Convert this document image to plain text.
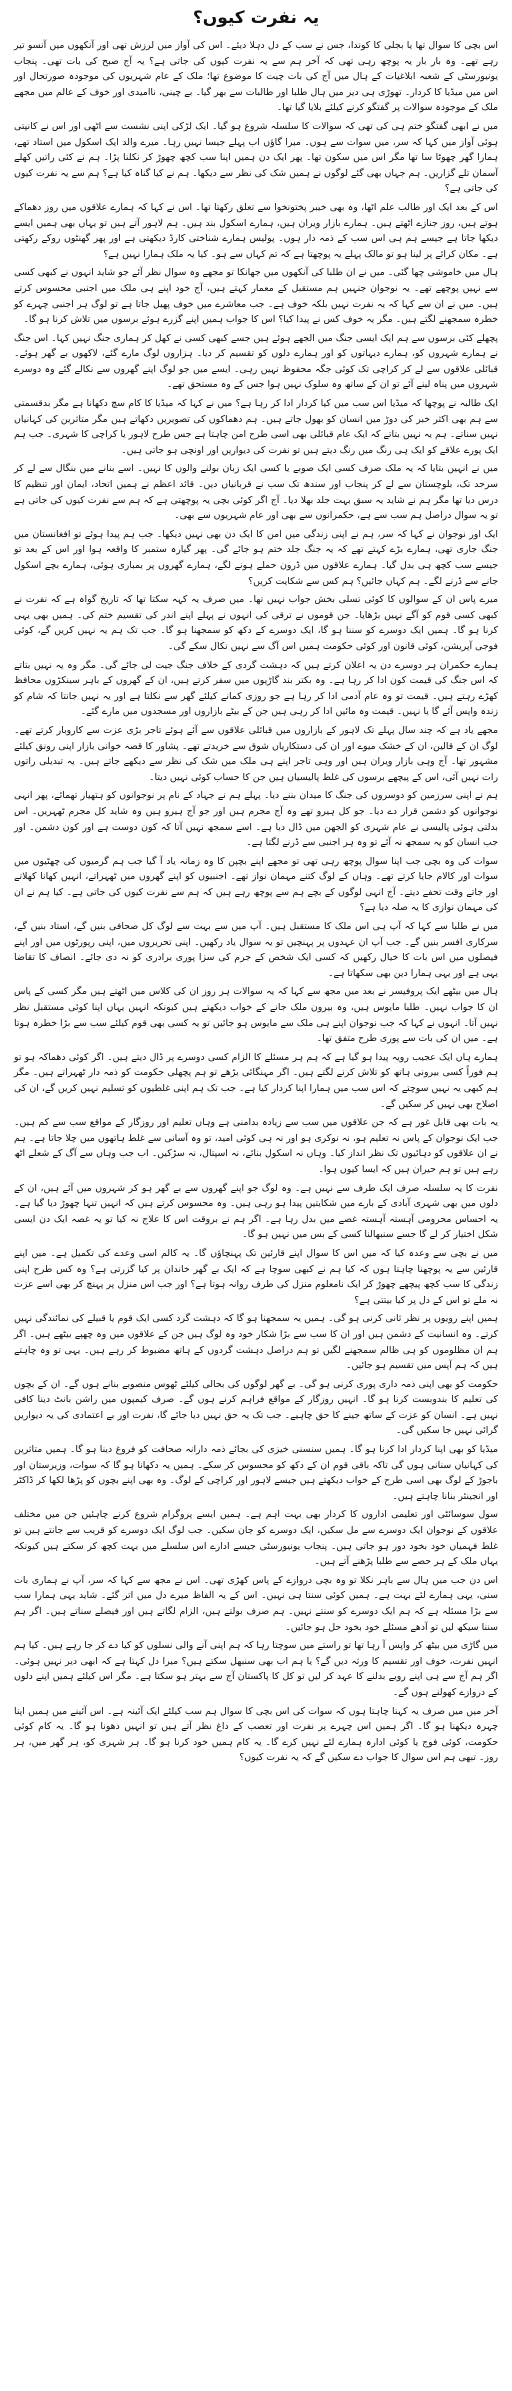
یہ نفرت کیوں؟

اس بچی کا سوال تھا یا بجلی کا کوندا، جس نے سب کے دل دہلا دیئے۔ اس کی آواز میں لرزش تھی اور آنکھوں میں آنسو تیر رہے تھے۔ وہ بار بار یہ پوچھ رہی تھی کہ آخر ہم سے یہ نفرت کیوں کی جاتی ہے؟ یہ آج صبح کی بات تھی۔ پنجاب یونیورسٹی کے شعبہ ابلاغیات کے ہال میں آج کی بات چیت کا موضوع تھا؛ ملک کے عام شہریوں کی موجودہ صورتحال اور اس میں میڈیا کا کردار۔ تھوڑی ہی دیر میں ہال طلبا اور طالبات سے بھر گیا۔ بے چینی، ناامیدی اور خوف کے عالم میں مجھے ملک کے موجودہ سوالات پر گفتگو کرنے کیلئے بلایا گیا تھا۔

میں نے ابھی گفتگو ختم ہی کی تھی کہ سوالات کا سلسلہ شروع ہو گیا۔ ایک لڑکی اپنی نشست سے اٹھی اور اس نے کانپتی ہوئی آواز میں کہا کہ سر، میں سوات سے ہوں۔ میرا گاؤں اب پہلے جیسا نہیں رہا۔ میرے والد ایک اسکول میں استاد تھے، ہمارا گھر چھوٹا سا تھا مگر اس میں سکون تھا۔ پھر ایک دن ہمیں اپنا سب کچھ چھوڑ کر نکلنا پڑا۔ ہم نے کئی راتیں کھلے آسمان تلے گزاریں۔ ہم جہاں بھی گئے لوگوں نے ہمیں شک کی نظر سے دیکھا۔ ہم نے کیا گناہ کیا ہے؟ ہم سے یہ نفرت کیوں کی جاتی ہے؟

اس کے بعد ایک اور طالب علم اٹھا، وہ بھی خیبر پختونخوا سے تعلق رکھتا تھا۔ اس نے کہا کہ ہمارے علاقوں میں روز دھماکے ہوتے ہیں، روز جنازے اٹھتے ہیں۔ ہمارے بازار ویران ہیں، ہمارے اسکول بند ہیں۔ ہم لاہور آتے ہیں تو یہاں بھی ہمیں ایسے دیکھا جاتا ہے جیسے ہم ہی اس سب کے ذمہ دار ہوں۔ پولیس ہمارے شناختی کارڈ دیکھتی ہے اور پھر گھنٹوں روکے رکھتی ہے۔ مکان کرائے پر لینا ہو تو مالک پہلے یہ پوچھتا ہے کہ تم کہاں سے ہو۔ کیا یہ ملک ہمارا نہیں ہے؟

ہال میں خاموشی چھا گئی۔ میں نے ان طلبا کی آنکھوں میں جھانکا تو مجھے وہ سوال نظر آئے جو شاید انہوں نے کبھی کسی سے نہیں پوچھے تھے۔ یہ نوجوان جنہیں ہم مستقبل کے معمار کہتے ہیں، آج خود اپنے ہی ملک میں اجنبی محسوس کرتے ہیں۔ میں نے ان سے کہا کہ یہ نفرت نہیں بلکہ خوف ہے۔ جب معاشرے میں خوف پھیل جاتا ہے تو لوگ ہر اجنبی چہرے کو خطرہ سمجھنے لگتے ہیں۔ مگر یہ خوف کس نے پیدا کیا؟ اس کا جواب ہمیں اپنے گزرے ہوئے برسوں میں تلاش کرنا ہو گا۔

پچھلے کئی برسوں سے ہم ایک ایسی جنگ میں الجھے ہوئے ہیں جسے کبھی کسی نے کھل کر ہماری جنگ نہیں کہا۔ اس جنگ نے ہمارے شہروں کو، ہمارے دیہاتوں کو اور ہمارے دلوں کو تقسیم کر دیا۔ ہزاروں لوگ مارے گئے، لاکھوں بے گھر ہوئے۔ قبائلی علاقوں سے لے کر کراچی تک کوئی جگہ محفوظ نہیں رہی۔ ایسے میں جو لوگ اپنے گھروں سے نکالے گئے وہ دوسرے شہروں میں پناہ لینے آئے تو ان کے ساتھ وہ سلوک نہیں ہوا جس کے وہ مستحق تھے۔

ایک طالبہ نے پوچھا کہ میڈیا اس سب میں کیا کردار ادا کر رہا ہے؟ میں نے کہا کہ میڈیا کا کام سچ دکھانا ہے مگر بدقسمتی سے ہم بھی اکثر خبر کی دوڑ میں انسان کو بھول جاتے ہیں۔ ہم دھماکوں کی تصویریں دکھاتے ہیں مگر متاثرین کی کہانیاں نہیں سناتے۔ ہم یہ نہیں بتاتے کہ ایک عام قبائلی بھی اسی طرح امن چاہتا ہے جس طرح لاہور یا کراچی کا شہری۔ جب ہم ایک پورے علاقے کو ایک ہی رنگ میں رنگ دیتے ہیں تو نفرت کی دیواریں اور اونچی ہو جاتی ہیں۔

میں نے انہیں بتایا کہ یہ ملک صرف کسی ایک صوبے یا کسی ایک زبان بولنے والوں کا نہیں۔ اسے بنانے میں بنگال سے لے کر سرحد تک، بلوچستان سے لے کر پنجاب اور سندھ تک سب نے قربانیاں دیں۔ قائد اعظم نے ہمیں اتحاد، ایمان اور تنظیم کا درس دیا تھا مگر ہم نے شاید یہ سبق بہت جلد بھلا دیا۔ آج اگر کوئی بچی یہ پوچھتی ہے کہ ہم سے نفرت کیوں کی جاتی ہے تو یہ سوال دراصل ہم سب سے ہے، حکمرانوں سے بھی اور عام شہریوں سے بھی۔

ایک اور نوجوان نے کہا کہ سر، ہم نے اپنی زندگی میں امن کا ایک دن بھی نہیں دیکھا۔ جب ہم پیدا ہوئے تو افغانستان میں جنگ جاری تھی، ہمارے بڑے کہتے تھے کہ یہ جنگ جلد ختم ہو جائے گی۔ پھر گیارہ ستمبر کا واقعہ ہوا اور اس کے بعد تو جیسے سب کچھ ہی بدل گیا۔ ہمارے علاقوں میں ڈرون حملے ہونے لگے، ہمارے گھروں پر بمباری ہوئی، ہمارے بچے اسکول جانے سے ڈرنے لگے۔ ہم کہاں جائیں؟ ہم کس سے شکایت کریں؟

میرے پاس ان کے سوالوں کا کوئی تسلی بخش جواب نہیں تھا۔ میں صرف یہ کہہ سکتا تھا کہ تاریخ گواہ ہے کہ نفرت نے کبھی کسی قوم کو آگے نہیں بڑھایا۔ جن قوموں نے ترقی کی انہوں نے پہلے اپنے اندر کی تقسیم ختم کی۔ ہمیں بھی یہی کرنا ہو گا۔ ہمیں ایک دوسرے کو سننا ہو گا، ایک دوسرے کے دکھ کو سمجھنا ہو گا۔ جب تک ہم یہ نہیں کریں گے، کوئی فوجی آپریشن، کوئی قانون اور کوئی حکومت ہمیں اس آگ سے نہیں نکال سکے گی۔

ہمارے حکمران ہر دوسرے دن یہ اعلان کرتے ہیں کہ دہشت گردی کے خلاف جنگ جیت لی جائے گی۔ مگر وہ یہ نہیں بتاتے کہ اس جنگ کی قیمت کون ادا کر رہا ہے۔ وہ بکتر بند گاڑیوں میں سفر کرتے ہیں، ان کے گھروں کے باہر سینکڑوں محافظ کھڑے رہتے ہیں۔ قیمت تو وہ عام آدمی ادا کر رہا ہے جو روزی کمانے کیلئے گھر سے نکلتا ہے اور یہ نہیں جانتا کہ شام کو زندہ واپس آئے گا یا نہیں۔ قیمت وہ مائیں ادا کر رہی ہیں جن کے بیٹے بازاروں اور مسجدوں میں مارے گئے۔

مجھے یاد ہے کہ چند سال پہلے تک لاہور کے بازاروں میں قبائلی علاقوں سے آئے ہوئے تاجر بڑی عزت سے کاروبار کرتے تھے۔ لوگ ان کے قالین، ان کے خشک میوے اور ان کی دستکاریاں شوق سے خریدتے تھے۔ پشاور کا قصہ خوانی بازار اپنی رونق کیلئے مشہور تھا۔ آج وہی بازار ویران ہیں اور وہی تاجر اپنے ہی ملک میں شک کی نظر سے دیکھے جاتے ہیں۔ یہ تبدیلی راتوں رات نہیں آئی، اس کے پیچھے برسوں کی غلط پالیسیاں ہیں جن کا حساب کوئی نہیں دیتا۔

ہم نے اپنی سرزمین کو دوسروں کی جنگ کا میدان بننے دیا۔ پہلے ہم نے جہاد کے نام پر نوجوانوں کو ہتھیار تھمائے، پھر انہی نوجوانوں کو دشمن قرار دے دیا۔ جو کل ہیرو تھے وہ آج مجرم ہیں اور جو آج ہیرو ہیں وہ شاید کل مجرم ٹھہریں۔ اس بدلتی ہوئی پالیسی نے عام شہری کو الجھن میں ڈال دیا ہے۔ اسے سمجھ نہیں آتا کہ کون دوست ہے اور کون دشمن۔ اور جب انسان کو یہ سمجھ نہ آئے تو وہ ہر اجنبی سے ڈرنے لگتا ہے۔

سوات کی وہ بچی جب اپنا سوال پوچھ رہی تھی تو مجھے اپنے بچپن کا وہ زمانہ یاد آ گیا جب ہم گرمیوں کی چھٹیوں میں سوات اور کالام جایا کرتے تھے۔ وہاں کے لوگ کتنے مہمان نواز تھے۔ اجنبیوں کو اپنے گھروں میں ٹھہراتے، انہیں کھانا کھلاتے اور جاتے وقت تحفے دیتے۔ آج انہی لوگوں کے بچے ہم سے پوچھ رہے ہیں کہ ہم سے نفرت کیوں کی جاتی ہے۔ کیا ہم نے ان کی مہمان نوازی کا یہ صلہ دیا ہے؟

میں نے طلبا سے کہا کہ آپ ہی اس ملک کا مستقبل ہیں۔ آپ میں سے بہت سے لوگ کل صحافی بنیں گے، استاد بنیں گے، سرکاری افسر بنیں گے۔ جب آپ ان عہدوں پر پہنچیں تو یہ سوال یاد رکھیں۔ اپنی تحریروں میں، اپنی رپورٹوں میں اور اپنے فیصلوں میں اس بات کا خیال رکھیں کہ کسی ایک شخص کے جرم کی سزا پوری برادری کو نہ دی جائے۔ انصاف کا تقاضا یہی ہے اور یہی ہمارا دین بھی سکھاتا ہے۔

ہال میں بیٹھے ایک پروفیسر نے بعد میں مجھ سے کہا کہ یہ سوالات ہر روز ان کی کلاس میں اٹھتے ہیں مگر کسی کے پاس ان کا جواب نہیں۔ طلبا مایوس ہیں، وہ بیرون ملک جانے کے خواب دیکھتے ہیں کیونکہ انہیں یہاں اپنا کوئی مستقبل نظر نہیں آتا۔ انہوں نے کہا کہ جب نوجوان اپنے ہی ملک سے مایوس ہو جائیں تو یہ کسی بھی قوم کیلئے سب سے بڑا خطرہ ہوتا ہے۔ میں ان کی بات سے پوری طرح متفق تھا۔

ہمارے ہاں ایک عجیب رویہ پیدا ہو گیا ہے کہ ہم ہر مسئلے کا الزام کسی دوسرے پر ڈال دیتے ہیں۔ اگر کوئی دھماکہ ہو تو ہم فوراً کسی بیرونی ہاتھ کو تلاش کرنے لگتے ہیں۔ اگر مہنگائی بڑھے تو ہم پچھلی حکومت کو ذمہ دار ٹھہراتے ہیں۔ مگر ہم کبھی یہ نہیں سوچتے کہ اس سب میں ہمارا اپنا کردار کیا ہے۔ جب تک ہم اپنی غلطیوں کو تسلیم نہیں کریں گے، ان کی اصلاح بھی نہیں کر سکیں گے۔

یہ بات بھی قابل غور ہے کہ جن علاقوں میں سب سے زیادہ بدامنی ہے وہاں تعلیم اور روزگار کے مواقع سب سے کم ہیں۔ جب ایک نوجوان کے پاس نہ تعلیم ہو، نہ نوکری ہو اور نہ ہی کوئی امید، تو وہ آسانی سے غلط ہاتھوں میں چلا جاتا ہے۔ ہم نے ان علاقوں کو دہائیوں تک نظر انداز کیا۔ وہاں نہ اسکول بنائے، نہ اسپتال، نہ سڑکیں۔ اب جب وہاں سے آگ کے شعلے اٹھ رہے ہیں تو ہم حیران ہیں کہ ایسا کیوں ہوا۔

نفرت کا یہ سلسلہ صرف ایک طرف سے نہیں ہے۔ وہ لوگ جو اپنے گھروں سے بے گھر ہو کر شہروں میں آئے ہیں، ان کے دلوں میں بھی شہری آبادی کے بارے میں شکایتیں پیدا ہو رہی ہیں۔ وہ محسوس کرتے ہیں کہ انہیں تنہا چھوڑ دیا گیا ہے۔ یہ احساس محرومی آہستہ آہستہ غصے میں بدل رہا ہے۔ اگر ہم نے بروقت اس کا علاج نہ کیا تو یہ غصہ ایک دن ایسی شکل اختیار کر لے گا جسے سنبھالنا کسی کے بس میں نہیں ہو گا۔

میں نے بچی سے وعدہ کیا کہ میں اس کا سوال اپنے قارئین تک پہنچاؤں گا۔ یہ کالم اسی وعدے کی تکمیل ہے۔ میں اپنے قارئین سے یہ پوچھنا چاہتا ہوں کہ کیا ہم نے کبھی سوچا ہے کہ ایک بے گھر خاندان پر کیا گزرتی ہے؟ وہ کس طرح اپنی زندگی کا سب کچھ پیچھے چھوڑ کر ایک نامعلوم منزل کی طرف روانہ ہوتا ہے؟ اور جب اس منزل پر پہنچ کر بھی اسے عزت نہ ملے تو اس کے دل پر کیا بیتتی ہے؟

ہمیں اپنے رویوں پر نظر ثانی کرنی ہو گی۔ ہمیں یہ سمجھنا ہو گا کہ دہشت گرد کسی ایک قوم یا قبیلے کی نمائندگی نہیں کرتے۔ وہ انسانیت کے دشمن ہیں اور ان کا سب سے بڑا شکار خود وہ لوگ ہیں جن کے علاقوں میں وہ چھپے بیٹھے ہیں۔ اگر ہم ان مظلوموں کو ہی ظالم سمجھنے لگیں تو ہم دراصل دہشت گردوں کے ہاتھ مضبوط کر رہے ہیں۔ یہی تو وہ چاہتے ہیں کہ ہم آپس میں تقسیم ہو جائیں۔

حکومت کو بھی اپنی ذمہ داری پوری کرنی ہو گی۔ بے گھر لوگوں کی بحالی کیلئے ٹھوس منصوبے بنانے ہوں گے۔ ان کے بچوں کی تعلیم کا بندوبست کرنا ہو گا۔ انہیں روزگار کے مواقع فراہم کرنے ہوں گے۔ صرف کیمپوں میں راشن بانٹ دینا کافی نہیں ہے۔ انسان کو عزت کے ساتھ جینے کا حق چاہیے۔ جب تک یہ حق نہیں دیا جائے گا، نفرت اور بے اعتمادی کی یہ دیواریں گرائی نہیں جا سکیں گی۔

میڈیا کو بھی اپنا کردار ادا کرنا ہو گا۔ ہمیں سنسنی خیزی کی بجائے ذمہ دارانہ صحافت کو فروغ دینا ہو گا۔ ہمیں متاثرین کی کہانیاں سنانی ہوں گی تاکہ باقی قوم ان کے دکھ کو محسوس کر سکے۔ ہمیں یہ دکھانا ہو گا کہ سوات، وزیرستان اور باجوڑ کے لوگ بھی اسی طرح کے خواب دیکھتے ہیں جیسے لاہور اور کراچی کے لوگ۔ وہ بھی اپنے بچوں کو پڑھا لکھا کر ڈاکٹر اور انجینئر بنانا چاہتے ہیں۔

سول سوسائٹی اور تعلیمی اداروں کا کردار بھی بہت اہم ہے۔ ہمیں ایسے پروگرام شروع کرنے چاہئیں جن میں مختلف علاقوں کے نوجوان ایک دوسرے سے مل سکیں، ایک دوسرے کو جان سکیں۔ جب لوگ ایک دوسرے کو قریب سے جانتے ہیں تو غلط فہمیاں خود بخود دور ہو جاتی ہیں۔ پنجاب یونیورسٹی جیسے ادارے اس سلسلے میں بہت کچھ کر سکتے ہیں کیونکہ یہاں ملک کے ہر حصے سے طلبا پڑھنے آتے ہیں۔

اس دن جب میں ہال سے باہر نکلا تو وہ بچی دروازے کے پاس کھڑی تھی۔ اس نے مجھ سے کہا کہ سر، آپ نے ہماری بات سنی، یہی ہمارے لئے بہت ہے۔ ہمیں کوئی سنتا ہی نہیں۔ اس کے یہ الفاظ میرے دل میں اتر گئے۔ شاید یہی ہمارا سب سے بڑا مسئلہ ہے کہ ہم ایک دوسرے کو سنتے نہیں۔ ہم صرف بولتے ہیں، الزام لگاتے ہیں اور فیصلے سناتے ہیں۔ اگر ہم سننا سیکھ لیں تو آدھے مسئلے خود بخود حل ہو جائیں۔

میں گاڑی میں بیٹھ کر واپس آ رہا تھا تو راستے میں سوچتا رہا کہ ہم اپنی آنے والی نسلوں کو کیا دے کر جا رہے ہیں۔ کیا ہم انہیں نفرت، خوف اور تقسیم کا ورثہ دیں گے؟ یا ہم اب بھی سنبھل سکتے ہیں؟ میرا دل کہتا ہے کہ ابھی دیر نہیں ہوئی۔ اگر ہم آج سے ہی اپنے رویے بدلنے کا عہد کر لیں تو کل کا پاکستان آج سے بہتر ہو سکتا ہے۔ مگر اس کیلئے ہمیں اپنے دلوں کے دروازے کھولنے ہوں گے۔

آخر میں میں صرف یہ کہنا چاہتا ہوں کہ سوات کی اس بچی کا سوال ہم سب کیلئے ایک آئینہ ہے۔ اس آئینے میں ہمیں اپنا چہرہ دیکھنا ہو گا۔ اگر ہمیں اس چہرے پر نفرت اور تعصب کے داغ نظر آتے ہیں تو انہیں دھونا ہو گا۔ یہ کام کوئی حکومت، کوئی فوج یا کوئی ادارہ ہمارے لئے نہیں کرے گا۔ یہ کام ہمیں خود کرنا ہو گا۔ ہر شہری کو، ہر گھر میں، ہر روز۔ تبھی ہم اس سوال کا جواب دے سکیں گے کہ یہ نفرت کیوں؟
